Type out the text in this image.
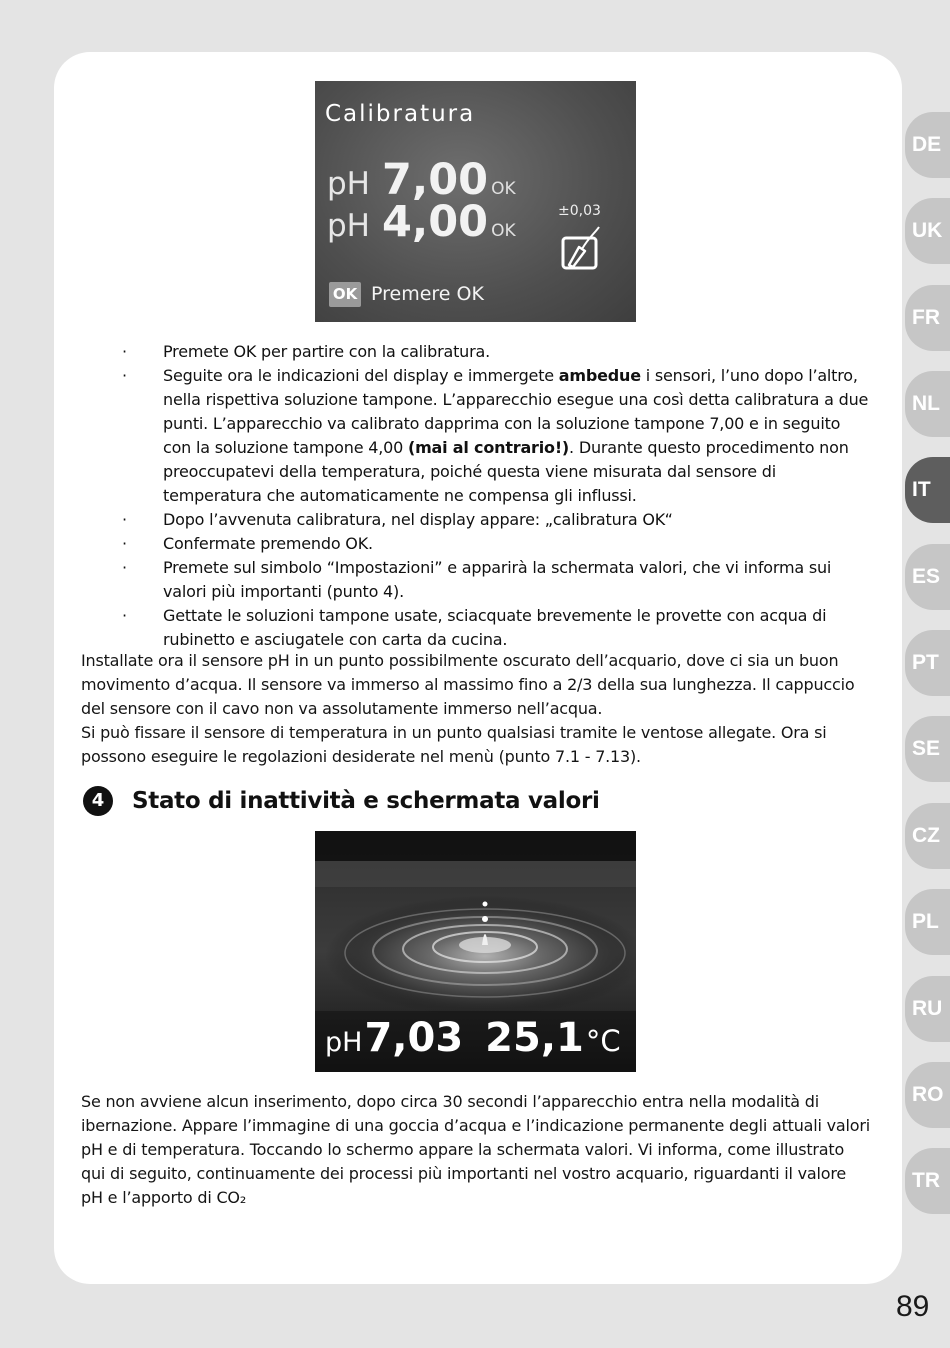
Calibratura
pH 7,00 OK
pH 4,00 OK
±0,03
OK Premere OK
· Premete OK per partire con la calibratura.
· Seguite ora le indicazioni del display e immergete ambedue i sensori, l’uno dopo l’altro, nella rispettiva soluzione tampone. L’apparecchio esegue una così detta calibratura a due punti. L’apparecchio va calibrato dapprima con la soluzione tampone 7,00 e in seguito con la soluzione tampone 4,00 (mai al contrario!). Durante questo procedimento non preoccupatevi della temperatura, poiché questa viene misurata dal sensore di temperatura che automaticamente ne compensa gli influssi.
· Dopo l’avvenuta calibratura, nel display appare: „calibratura OK“
· Confermate premendo OK.
· Premete sul simbolo “Impostazioni” e apparirà la schermata valori, che vi informa sui valori più importanti (punto 4).
· Gettate le soluzioni tampone usate, sciacquate brevemente le provette con acqua di rubinetto e asciugatele con carta da cucina.
Installate ora il sensore pH in un punto possibilmente oscurato dell’acquario, dove ci sia un buon movimento d’acqua. Il sensore va immerso al massimo fino a 2/3 della sua lunghezza. Il cappuccio del sensore con il cavo non va assolutamente immerso nell’acqua.
Si può fissare il sensore di temperatura in un punto qualsiasi tramite le ventose allegate. Ora si possono eseguire le regolazioni desiderate nel menù (punto 7.1 - 7.13).
4	Stato di inattività e schermata valori
pH7,03 25,1°C
Se non avviene alcun inserimento, dopo circa 30 secondi l’apparecchio entra nella modalità di ibernazione. Appare l’immagine di una goccia d’acqua e l’indicazione permanente degli attuali valori pH e di temperatura. Toccando lo schermo appare la schermata valori. Vi informa, come illustrato qui di seguito, continuamente dei processi più importanti nel vostro acquario, riguardanti il valore pH e l’apporto di CO₂
DE
UK
FR
NL
IT
ES
PT
SE
CZ
PL
RU
RO
TR
89
